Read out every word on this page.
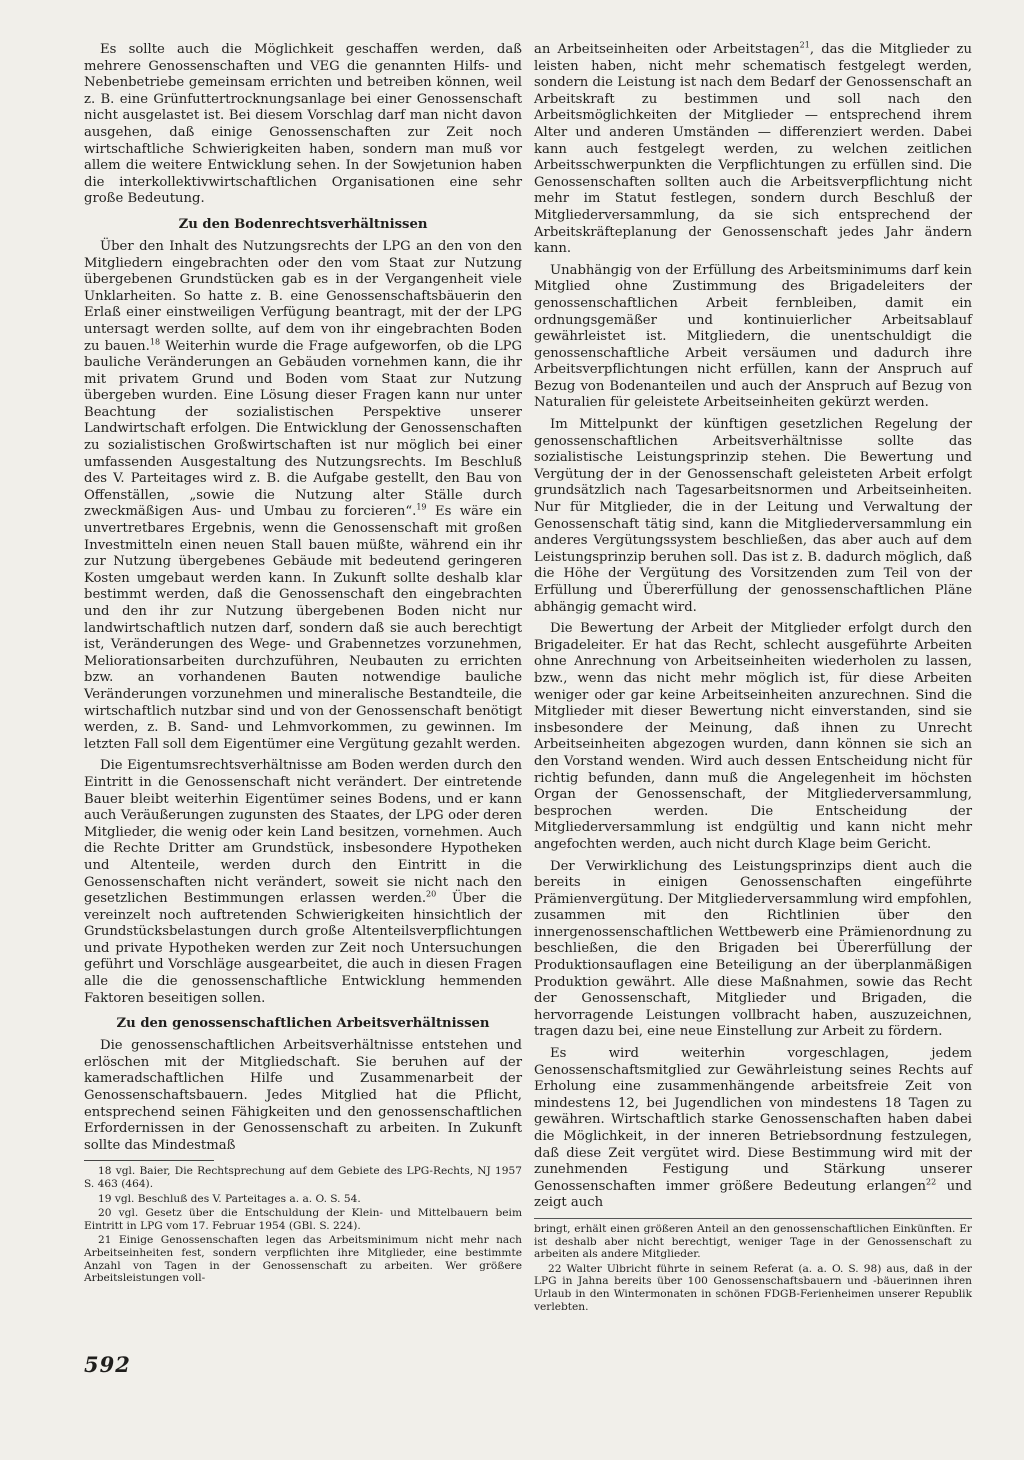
Es sollte auch die Möglichkeit geschaffen werden, daß mehrere Genossenschaften und VEG die genannten Hilfs- und Nebenbetriebe gemeinsam errichten und betreiben können, weil z. B. eine Grünfuttertrocknungsanlage bei einer Genossenschaft nicht ausgelastet ist. Bei diesem Vorschlag darf man nicht davon ausgehen, daß einige Genossenschaften zur Zeit noch wirtschaftliche Schwierigkeiten haben, sondern man muß vor allem die weitere Entwicklung sehen. In der Sowjetunion haben die interkollektivwirtschaftlichen Organisationen eine sehr große Bedeutung.

Zu den Bodenrechtsverhältnissen

Über den Inhalt des Nutzungsrechts der LPG an den von den Mitgliedern eingebrachten oder den vom Staat zur Nutzung übergebenen Grundstücken gab es in der Vergangenheit viele Unklarheiten. So hatte z. B. eine Genossenschaftsbäuerin den Erlaß einer einstweiligen Verfügung beantragt, mit der der LPG untersagt werden sollte, auf dem von ihr eingebrachten Boden zu bauen.$^{18}$ Weiterhin wurde die Frage aufgeworfen, ob die LPG bauliche Veränderungen an Gebäuden vornehmen kann, die ihr mit privatem Grund und Boden vom Staat zur Nutzung übergeben wurden. Eine Lösung dieser Fragen kann nur unter Beachtung der sozialistischen Perspektive unserer Landwirtschaft erfolgen. Die Entwicklung der Genossenschaften zu sozialistischen Großwirtschaften ist nur möglich bei einer umfassenden Ausgestaltung des Nutzungsrechts. Im Beschluß des V. Parteitages wird z. B. die Aufgabe gestellt, den Bau von Offenställen, „sowie die Nutzung alter Ställe durch zweckmäßigen Aus- und Umbau zu forcieren“.$^{19}$ Es wäre ein unvertretbares Ergebnis, wenn die Genossenschaft mit großen Investmitteln einen neuen Stall bauen müßte, während ein ihr zur Nutzung übergebenes Gebäude mit bedeutend geringeren Kosten umgebaut werden kann. In Zukunft sollte deshalb klar bestimmt werden, daß die Genossenschaft den eingebrachten und den ihr zur Nutzung übergebenen Boden nicht nur landwirtschaftlich nutzen darf, sondern daß sie auch berechtigt ist, Veränderungen des Wege- und Grabennetzes vorzunehmen, Meliorationsarbeiten durchzuführen, Neubauten zu errichten bzw. an vorhandenen Bauten notwendige bauliche Veränderungen vorzunehmen und mineralische Bestandteile, die wirtschaftlich nutzbar sind und von der Genossenschaft benötigt werden, z. B. Sand- und Lehmvorkommen, zu gewinnen. Im letzten Fall soll dem Eigentümer eine Vergütung gezahlt werden.

Die Eigentumsrechtsverhältnisse am Boden werden durch den Eintritt in die Genossenschaft nicht verändert. Der eintretende Bauer bleibt weiterhin Eigentümer seines Bodens, und er kann auch Veräußerungen zugunsten des Staates, der LPG oder deren Mitglieder, die wenig oder kein Land besitzen, vornehmen. Auch die Rechte Dritter am Grundstück, insbesondere Hypotheken und Altenteile, werden durch den Eintritt in die Genossenschaften nicht verändert, soweit sie nicht nach den gesetzlichen Bestimmungen erlassen werden.$^{20}$ Über die vereinzelt noch auftretenden Schwierigkeiten hinsichtlich der Grundstücksbelastungen durch große Altenteilsverpflichtungen und private Hypotheken werden zur Zeit noch Untersuchungen geführt und Vorschläge ausgearbeitet, die auch in diesen Fragen alle die die genossenschaftliche Entwicklung hemmenden Faktoren beseitigen sollen.

Zu den genossenschaftlichen Arbeitsverhältnissen

Die genossenschaftlichen Arbeitsverhältnisse entstehen und erlöschen mit der Mitgliedschaft. Sie beruhen auf der kameradschaftlichen Hilfe und Zusammenarbeit der Genossenschaftsbauern. Jedes Mitglied hat die Pflicht, entsprechend seinen Fähigkeiten und den genossenschaftlichen Erfordernissen in der Genossenschaft zu arbeiten. In Zukunft sollte das Mindestmaß

18 vgl. Baier, Die Rechtsprechung auf dem Gebiete des LPG-Rechts, NJ 1957 S. 463 (464).
19 vgl. Beschluß des V. Parteitages a. a. O. S. 54.
20 vgl. Gesetz über die Entschuldung der Klein- und Mittelbauern beim Eintritt in LPG vom 17. Februar 1954 (GBl. S. 224).
21 Einige Genossenschaften legen das Arbeitsminimum nicht mehr nach Arbeitseinheiten fest, sondern verpflichten ihre Mitglieder, eine bestimmte Anzahl von Tagen in der Genossenschaft zu arbeiten. Wer größere Arbeitsleistungen voll-

an Arbeitseinheiten oder Arbeitstagen$^{21}$, das die Mitglieder zu leisten haben, nicht mehr schematisch festgelegt werden, sondern die Leistung ist nach dem Bedarf der Genossenschaft an Arbeitskraft zu bestimmen und soll nach den Arbeitsmöglichkeiten der Mitglieder — entsprechend ihrem Alter und anderen Umständen — differenziert werden. Dabei kann auch festgelegt werden, zu welchen zeitlichen Arbeitsschwerpunkten die Verpflichtungen zu erfüllen sind. Die Genossenschaften sollten auch die Arbeitsverpflichtung nicht mehr im Statut festlegen, sondern durch Beschluß der Mitgliederversammlung, da sie sich entsprechend der Arbeitskräfteplanung der Genossenschaft jedes Jahr ändern kann.

Unabhängig von der Erfüllung des Arbeitsminimums darf kein Mitglied ohne Zustimmung des Brigadeleiters der genossenschaftlichen Arbeit fernbleiben, damit ein ordnungsgemäßer und kontinuierlicher Arbeitsablauf gewährleistet ist. Mitgliedern, die unentschuldigt die genossenschaftliche Arbeit versäumen und dadurch ihre Arbeitsverpflichtungen nicht erfüllen, kann der Anspruch auf Bezug von Bodenanteilen und auch der Anspruch auf Bezug von Naturalien für geleistete Arbeitseinheiten gekürzt werden.

Im Mittelpunkt der künftigen gesetzlichen Regelung der genossenschaftlichen Arbeitsverhältnisse sollte das sozialistische Leistungsprinzip stehen. Die Bewertung und Vergütung der in der Genossenschaft geleisteten Arbeit erfolgt grundsätzlich nach Tagesarbeitsnormen und Arbeitseinheiten. Nur für Mitglieder, die in der Leitung und Verwaltung der Genossenschaft tätig sind, kann die Mitgliederversammlung ein anderes Vergütungssystem beschließen, das aber auch auf dem Leistungsprinzip beruhen soll. Das ist z. B. dadurch möglich, daß die Höhe der Vergütung des Vorsitzenden zum Teil von der Erfüllung und Übererfüllung der genossenschaftlichen Pläne abhängig gemacht wird.

Die Bewertung der Arbeit der Mitglieder erfolgt durch den Brigadeleiter. Er hat das Recht, schlecht ausgeführte Arbeiten ohne Anrechnung von Arbeitseinheiten wiederholen zu lassen, bzw., wenn das nicht mehr möglich ist, für diese Arbeiten weniger oder gar keine Arbeitseinheiten anzurechnen. Sind die Mitglieder mit dieser Bewertung nicht einverstanden, sind sie insbesondere der Meinung, daß ihnen zu Unrecht Arbeitseinheiten abgezogen wurden, dann können sie sich an den Vorstand wenden. Wird auch dessen Entscheidung nicht für richtig befunden, dann muß die Angelegenheit im höchsten Organ der Genossenschaft, der Mitgliederversammlung, besprochen werden. Die Entscheidung der Mitgliederversammlung ist endgültig und kann nicht mehr angefochten werden, auch nicht durch Klage beim Gericht.

Der Verwirklichung des Leistungsprinzips dient auch die bereits in einigen Genossenschaften eingeführte Prämienvergütung. Der Mitgliederversammlung wird empfohlen, zusammen mit den Richtlinien über den innergenossenschaftlichen Wettbewerb eine Prämienordnung zu beschließen, die den Brigaden bei Übererfüllung der Produktionsauflagen eine Beteiligung an der überplanmäßigen Produktion gewährt. Alle diese Maßnahmen, sowie das Recht der Genossenschaft, Mitglieder und Brigaden, die hervorragende Leistungen vollbracht haben, auszuzeichnen, tragen dazu bei, eine neue Einstellung zur Arbeit zu fördern.

Es wird weiterhin vorgeschlagen, jedem Genossenschaftsmitglied zur Gewährleistung seines Rechts auf Erholung eine zusammenhängende arbeitsfreie Zeit von mindestens 12, bei Jugendlichen von mindestens 18 Tagen zu gewähren. Wirtschaftlich starke Genossenschaften haben dabei die Möglichkeit, in der inneren Betriebsordnung festzulegen, daß diese Zeit vergütet wird. Diese Bestimmung wird mit der zunehmenden Festigung und Stärkung unserer Genossenschaften immer größere Bedeutung erlangen$^{22}$ und zeigt auch

bringt, erhält einen größeren Anteil an den genossenschaftlichen Einkünften. Er ist deshalb aber nicht berechtigt, weniger Tage in der Genossenschaft zu arbeiten als andere Mitglieder.
22 Walter Ulbricht führte in seinem Referat (a. a. O. S. 98) aus, daß in der LPG in Jahna bereits über 100 Genossenschaftsbauern und -bäuerinnen ihren Urlaub in den Wintermonaten in schönen FDGB-Ferienheimen unserer Republik verlebten.
592
